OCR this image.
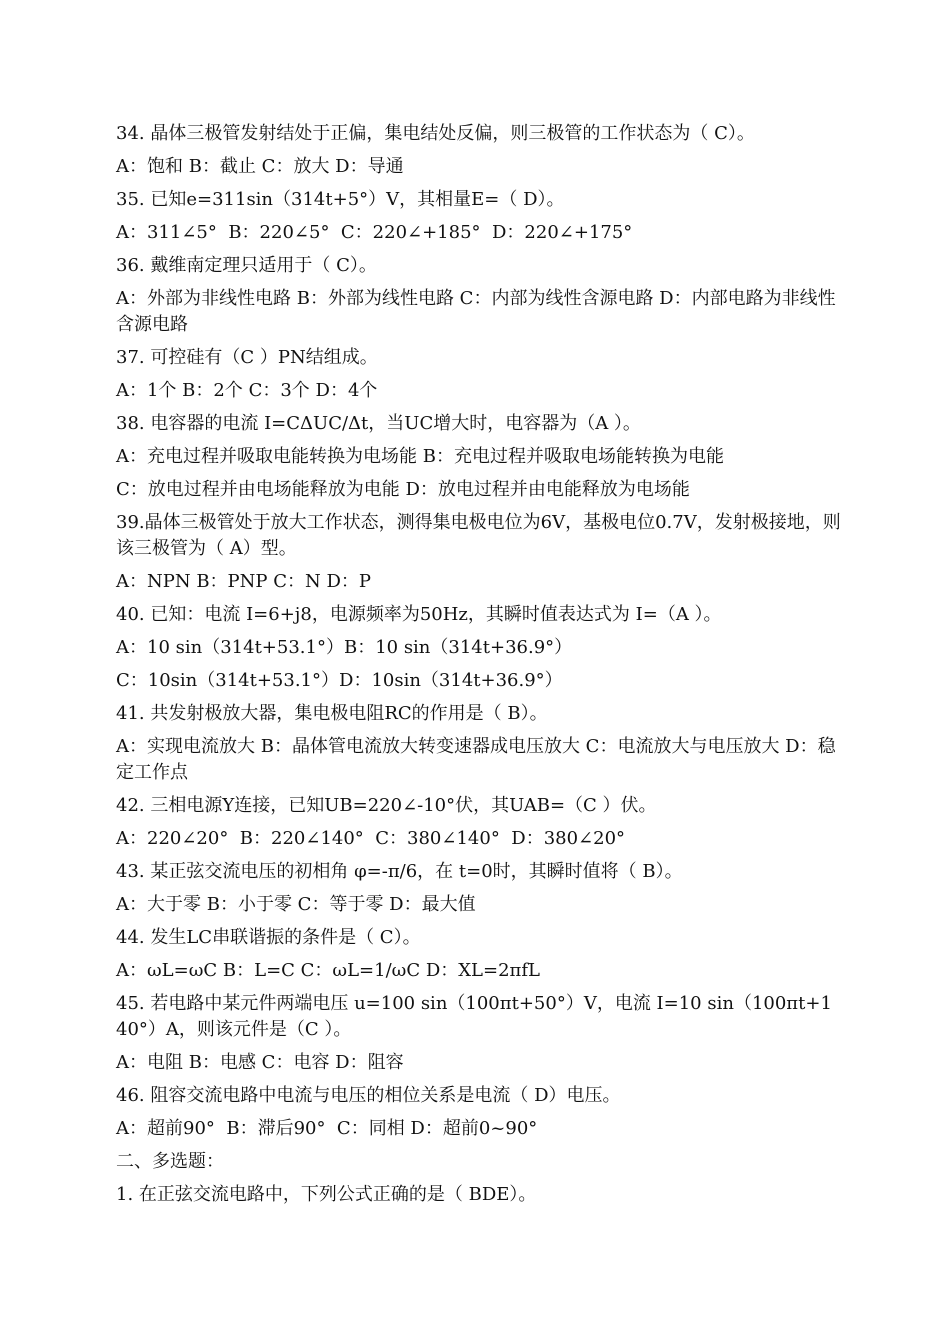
34. 晶体三极管发射结处于正偏，集电结处反偏，则三极管的工作状态为（ C）。
A：饱和 B：截止 C：放大 D：导通
35. 已知e=311sin（314t+5°）V，其相量E=（ D）。
A：311∠5°  B：220∠5°  C：220∠+185°  D：220∠+175°
36. 戴维南定理只适用于（ C）。
A：外部为非线性电路 B：外部为线性电路 C：内部为线性含源电路 D：内部电路为非线性含源电路
37. 可控硅有（C ）PN结组成。
A：1个 B：2个 C：3个 D：4个
38. 电容器的电流 I=CΔUC/Δt，当UC增大时，电容器为（A ）。
A：充电过程并吸取电能转换为电场能 B：充电过程并吸取电场能转换为电能
C：放电过程并由电场能释放为电能 D：放电过程并由电能释放为电场能
39.晶体三极管处于放大工作状态，测得集电极电位为6V，基极电位0.7V，发射极接地，则该三极管为（ A）型。
A：NPN B：PNP C：N D：P
40. 已知：电流 I=6+j8，电源频率为50Hz，其瞬时值表达式为 I=（A ）。
A：10 sin（314t+53.1°）B：10 sin（314t+36.9°）
C：10sin（314t+53.1°）D：10sin（314t+36.9°）
41. 共发射极放大器，集电极电阻RC的作用是（ B）。
A：实现电流放大 B：晶体管电流放大转变速器成电压放大 C：电流放大与电压放大 D：稳定工作点
42. 三相电源Y连接，已知UB=220∠-10°伏，其UAB=（C ）伏。
A：220∠20°  B：220∠140°  C：380∠140°  D：380∠20°
43. 某正弦交流电压的初相角 φ=-π/6，在 t=0时，其瞬时值将（ B）。
A：大于零 B：小于零 C：等于零 D：最大值
44. 发生LC串联谐振的条件是（ C）。
A：ωL=ωC B：L=C C：ωL=1/ωC D：XL=2πfL
45. 若电路中某元件两端电压 u=100 sin（100πt+50°）V，电流 I=10 sin（100πt+140°）A，则该元件是（C ）。
A：电阻 B：电感 C：电容 D：阻容
46. 阻容交流电路中电流与电压的相位关系是电流（ D）电压。
A：超前90°  B：滞后90°  C：同相 D：超前0~90°
二、多选题：
1. 在正弦交流电路中，下列公式正确的是（ BDE）。
